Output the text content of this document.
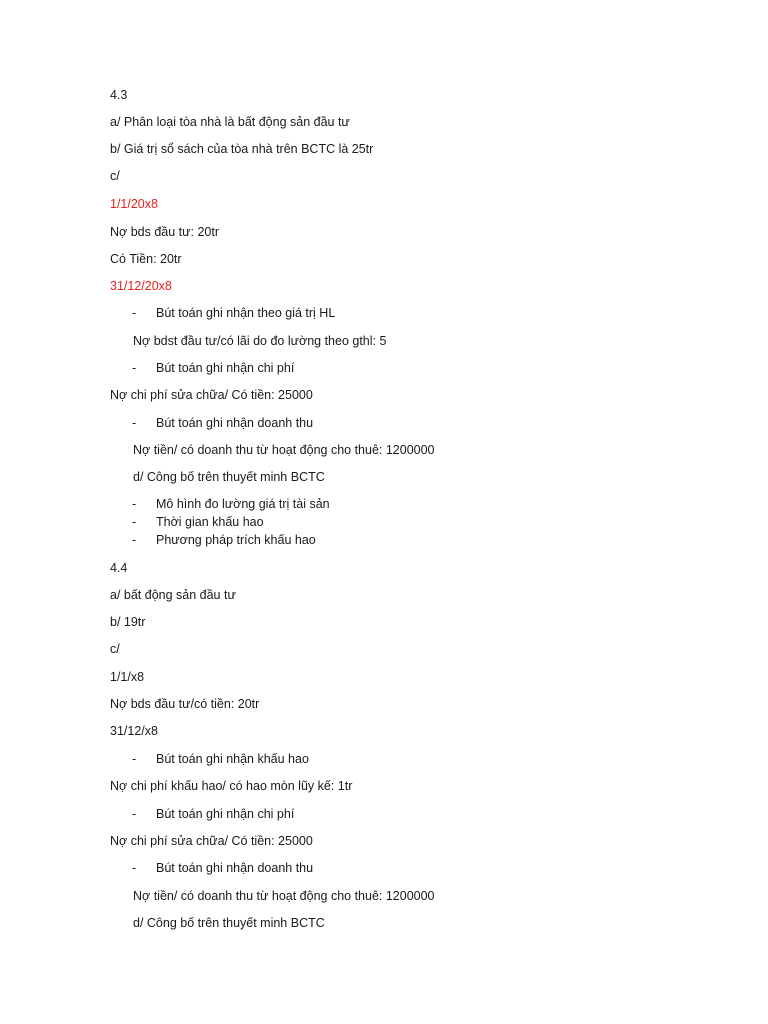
4.3
a/ Phân loại tòa nhà là bất động sản đầu tư
b/ Giá trị sổ sách của tòa nhà trên BCTC là 25tr
c/
1/1/20x8
Nợ bds đầu tư: 20tr
Có Tiền: 20tr
31/12/20x8
- Bút toán ghi nhận theo giá trị HL
Nợ bdst đầu tư/có lãi do đo lường theo gthl: 5
- Bút toán ghi nhận chi phí
Nợ chi phí sửa chữa/ Có tiền: 25000
- Bút toán ghi nhận doanh thu
Nợ tiền/ có doanh thu từ hoạt động cho thuê: 1200000
d/ Công bố trên thuyết minh BCTC
- Mô hình đo lường giá trị tài sản
- Thời gian khấu hao
- Phương pháp trích khấu hao
4.4
a/ bất động sản đầu tư
b/ 19tr
c/
1/1/x8
Nợ bds đầu tư/có tiền: 20tr
31/12/x8
- Bút toán ghi nhận khấu hao
Nợ chi phí khấu hao/ có hao mòn lũy kế: 1tr
- Bút toán ghi nhận chi phí
Nợ chi phí sửa chữa/ Có tiền: 25000
- Bút toán ghi nhận doanh thu
Nợ tiền/ có doanh thu từ hoạt động cho thuê: 1200000
d/ Công bố trên thuyết minh BCTC
